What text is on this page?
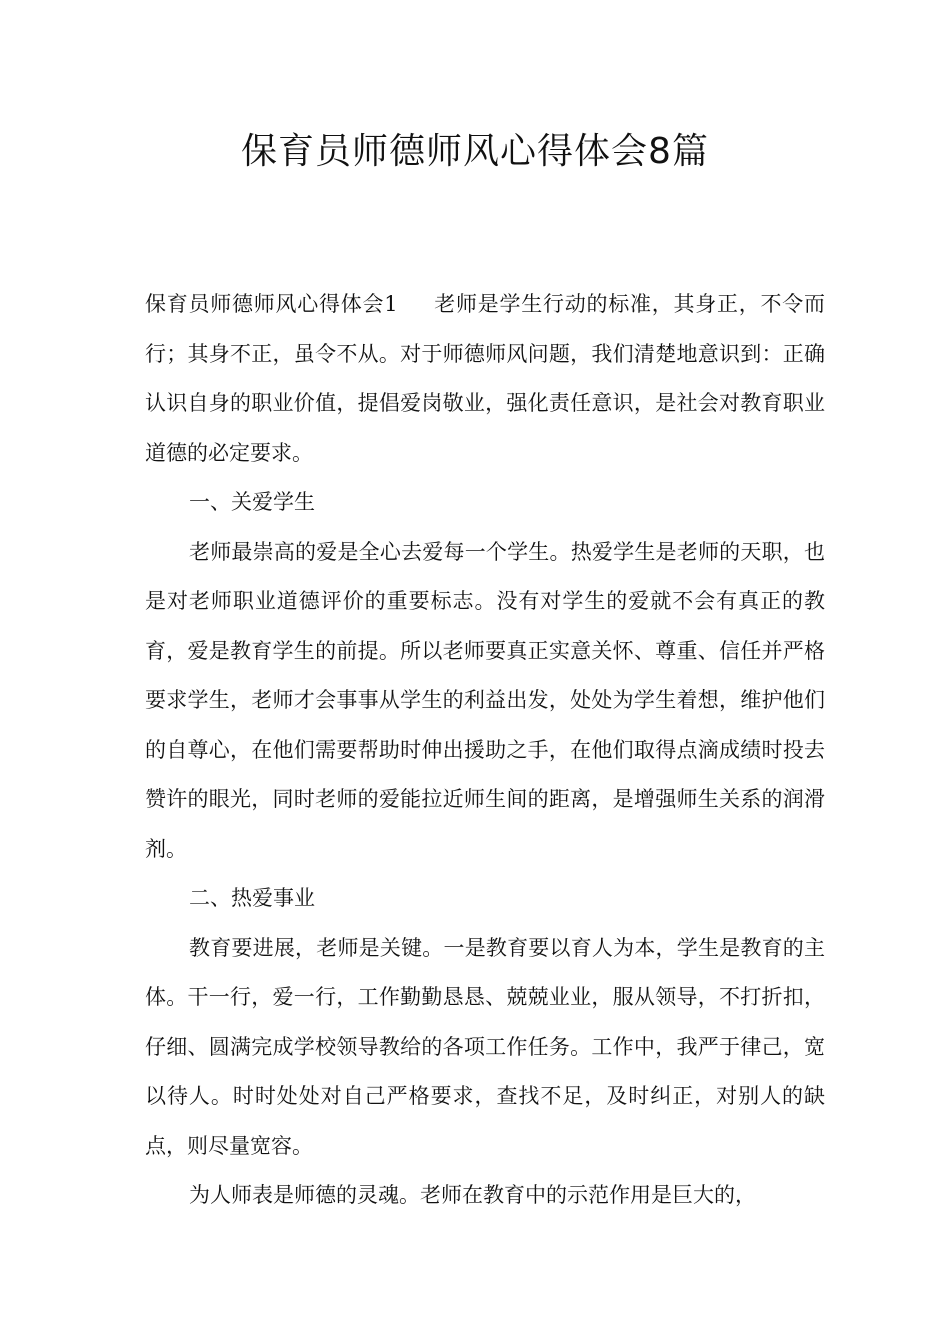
保育员师德师风心得体会8篇

保育员师德师风心得体会1 老师是学生行动的标准，其身正，不令而行；其身不正，虽令不从。对于师德师风问题，我们清楚地意识到：正确认识自身的职业价值，提倡爱岗敬业，强化责任意识，是社会对教育职业道德的必定要求。

一、关爱学生

老师最崇高的爱是全心去爱每一个学生。热爱学生是老师的天职，也是对老师职业道德评价的重要标志。没有对学生的爱就不会有真正的教育，爱是教育学生的前提。所以老师要真正实意关怀、尊重、信任并严格要求学生，老师才会事事从学生的利益出发，处处为学生着想，维护他们的自尊心，在他们需要帮助时伸出援助之手，在他们取得点滴成绩时投去赞许的眼光，同时老师的爱能拉近师生间的距离，是增强师生关系的润滑剂。

二、热爱事业

教育要进展，老师是关键。一是教育要以育人为本，学生是教育的主体。干一行，爱一行，工作勤勤恳恳、兢兢业业，服从领导，不打折扣，仔细、圆满完成学校领导教给的各项工作任务。工作中，我严于律己，宽以待人。时时处处对自己严格要求，查找不足，及时纠正，对别人的缺点，则尽量宽容。

为人师表是师德的灵魂。老师在教育中的示范作用是巨大的，
